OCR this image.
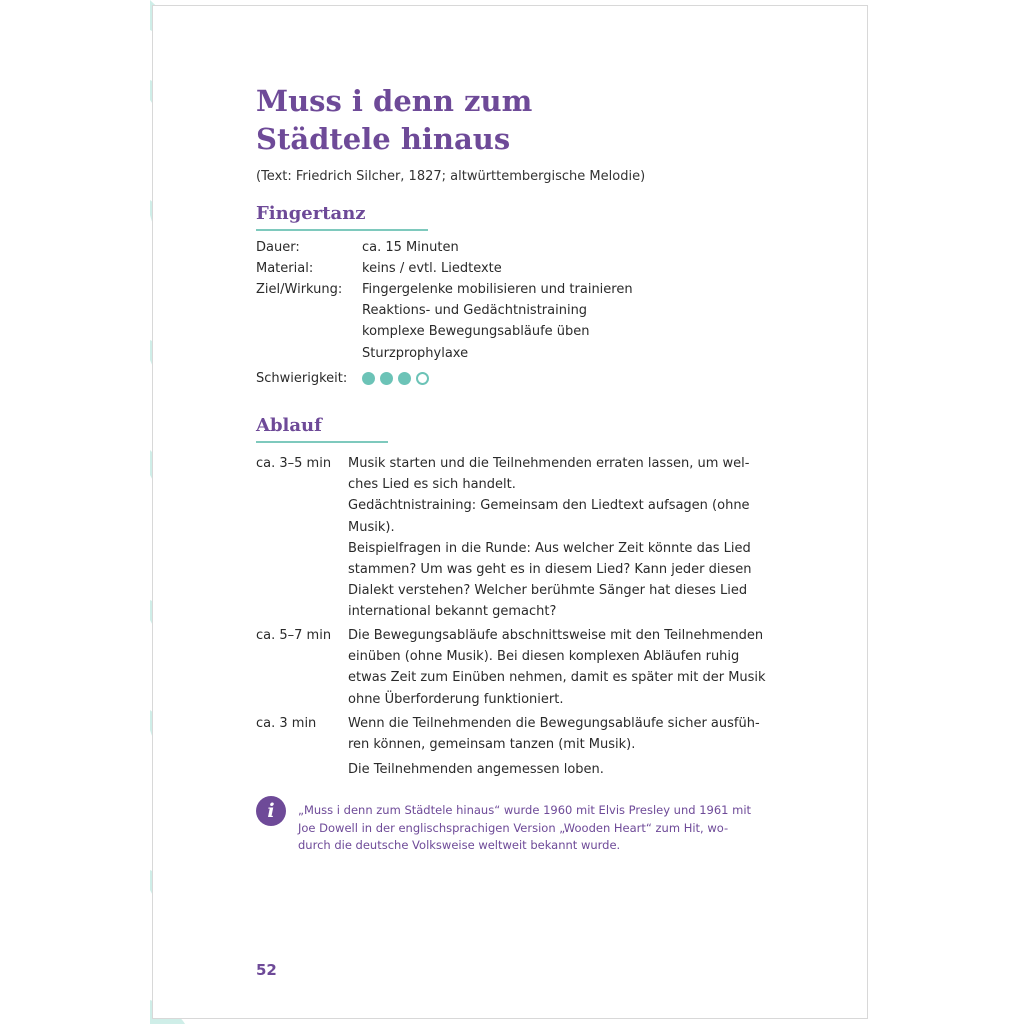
Muss i denn zum
Städtele hinaus
(Text: Friedrich Silcher, 1827; altwürttembergische Melodie)
Fingertanz
Dauer:	ca. 15 Minuten
Material:	keins / evtl. Liedtexte
Ziel/Wirkung: Fingergelenke mobilisieren und trainieren
Reaktions- und Gedächtnistraining
komplexe Bewegungsabläufe üben
Sturzprophylaxe
Schwierigkeit:
Ablauf
ca. 3–5 min Musik starten und die Teilnehmenden erraten lassen, um wel-
ches Lied es sich handelt.
Gedächtnistraining: Gemeinsam den Liedtext aufsagen (ohne
Musik).
Beispielfragen in die Runde: Aus welcher Zeit könnte das Lied
stammen? Um was geht es in diesem Lied? Kann jeder diesen
Dialekt verstehen? Welcher berühmte Sänger hat dieses Lied
international bekannt gemacht?

ca. 5–7 min Die Bewegungsabläufe abschnittsweise mit den Teilnehmenden
einüben (ohne Musik). Bei diesen komplexen Abläufen ruhig
etwas Zeit zum Einüben nehmen, damit es später mit der Musik
ohne Überforderung funktioniert.

ca. 3 min Wenn die Teilnehmenden die Bewegungsabläufe sicher ausfüh-
ren können, gemeinsam tanzen (mit Musik).

Die Teilnehmenden angemessen loben.

i	„Muss i denn zum Städtele hinaus“ wurde 1960 mit Elvis Presley und 1961 mit
Joe Dowell in der englischsprachigen Version „Wooden Heart“ zum Hit, wo-
durch die deutsche Volksweise weltweit bekannt wurde.

52
